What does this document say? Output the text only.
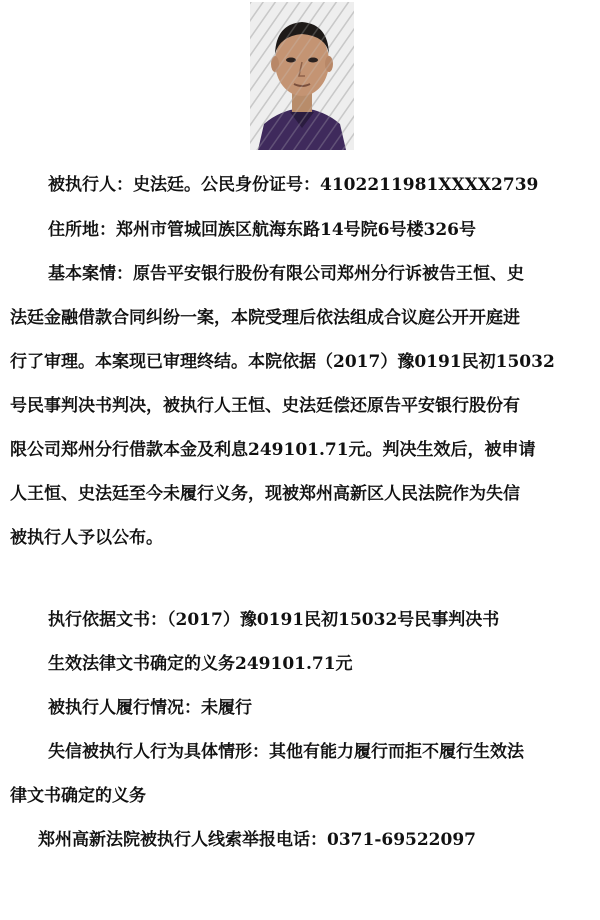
被执行人：史法廷。公民身份证号：4102211981XXXX2739
住所地：郑州市管城回族区航海东路14号院6号楼326号
基本案情：原告平安银行股份有限公司郑州分行诉被告王恒、史
法廷金融借款合同纠纷一案，本院受理后依法组成合议庭公开开庭进
行了审理。本案现已审理终结。本院依据（2017）豫0191民初15032
号民事判决书判决，被执行人王恒、史法廷偿还原告平安银行股份有
限公司郑州分行借款本金及利息249101.71元。判决生效后，被申请
人王恒、史法廷至今未履行义务，现被郑州高新区人民法院作为失信
被执行人予以公布。
执行依据文书：（2017）豫0191民初15032号民事判决书
生效法律文书确定的义务249101.71元
被执行人履行情况：未履行
失信被执行人行为具体情形：其他有能力履行而拒不履行生效法
律文书确定的义务
郑州高新法院被执行人线索举报电话：0371-69522097
